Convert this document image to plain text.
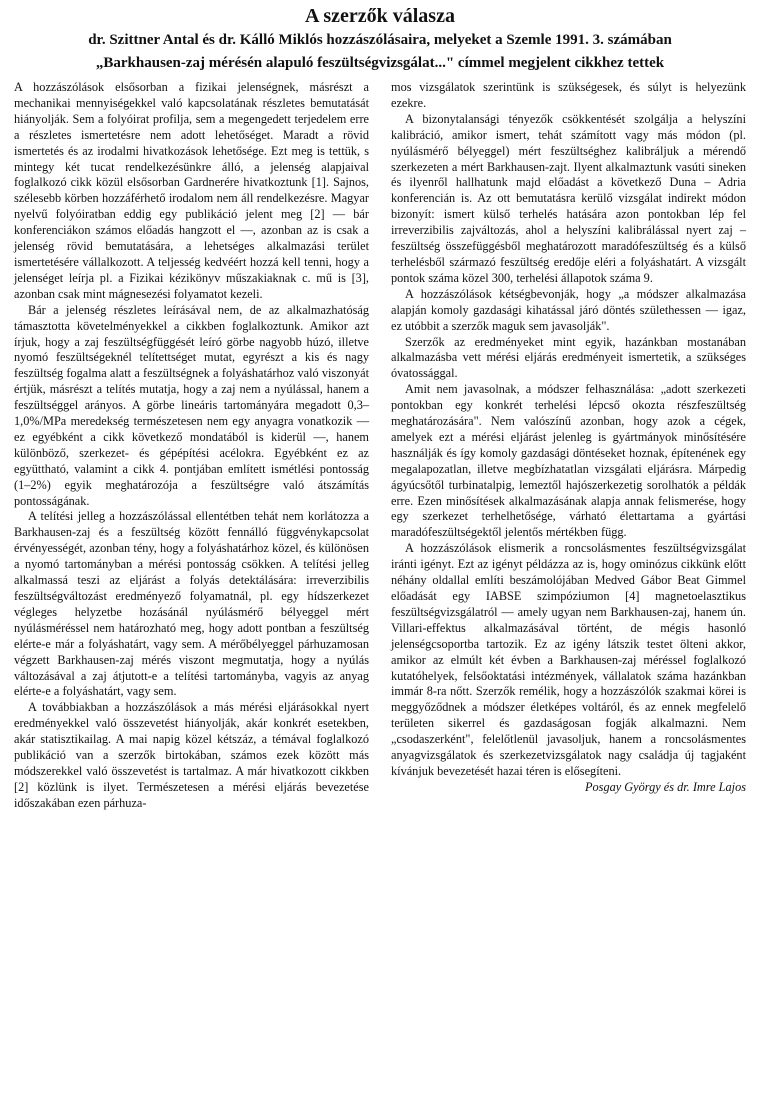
A szerzők válasza
dr. Szittner Antal és dr. Kálló Miklós hozzászólásaira, melyeket a Szemle 1991. 3. számában
„Barkhausen-zaj mérésén alapuló feszültségvizsgálat..." címmel megjelent cikkhez tettek

A hozzászólások elsősorban a fizikai jelenségnek, másrészt a mechanikai mennyiségekkel való kapcsolatának részletes bemutatását hiányolják. Sem a folyóirat profilja, sem a megengedett terjedelem erre a részletes ismertetésre nem adott lehetőséget. Maradt a rövid ismertetés és az irodalmi hivatkozások lehetősége. Ezt meg is tettük, s mintegy két tucat rendelkezésünkre álló, a jelenség alapjaival foglalkozó cikk közül elsősorban Gardnerére hivatkoztunk [1]. Sajnos, szélesebb körben hozzáférhető irodalom nem áll rendelkezésre. Magyar nyelvű folyóiratban eddig egy publikáció jelent meg [2] — bár konferenciákon számos előadás hangzott el —, azonban az is csak a jelenség rövid bemutatására, a lehetséges alkalmazási terület ismertetésére vállalkozott. A teljesség kedvéért hozzá kell tenni, hogy a jelenséget leírja pl. a Fizikai kézikönyv műszakiaknak c. mű is [3], azonban csak mint mágnesezési folyamatot kezeli.

Bár a jelenség részletes leírásával nem, de az alkalmazhatóság támasztotta követelményekkel a cikkben foglalkoztunk. Amikor azt írjuk, hogy a zaj feszültségfüggését leíró görbe nagyobb húzó, illetve nyomó feszültségeknél telítettséget mutat, egyrészt a kis és nagy feszültség fogalma alatt a feszültségnek a folyáshatárhoz való viszonyát értjük, másrészt a telítés mutatja, hogy a zaj nem a nyúlással, hanem a feszültséggel arányos. A görbe lineáris tartományára megadott 0,3–1,0%/MPa meredekség természetesen nem egy anyagra vonatkozik — ez egyébként a cikk következő mondatából is kiderül —, hanem különböző, szerkezet- és gépépítési acélokra. Egyébként ez az együttható, valamint a cikk 4. pontjában említett ismétlési pontosság (1–2%) egyik meghatározója a feszültségre való átszámítás pontosságának.

A telítési jelleg a hozzászólással ellentétben tehát nem korlátozza a Barkhausen-zaj és a feszültség között fennálló függvénykapcsolat érvényességét, azonban tény, hogy a folyáshatárhoz közel, és különösen a nyomó tartományban a mérési pontosság csökken. A telítési jelleg alkalmassá teszi az eljárást a folyás detektálására: irreverzibilis feszültségváltozást eredményező folyamatnál, pl. egy hídszerkezet végleges helyzetbe hozásánál nyúlásmérő bélyeggel mért nyúlásméréssel nem határozható meg, hogy adott pontban a feszültség elérte-e már a folyáshatárt, vagy sem. A mérőbélyeggel párhuzamosan végzett Barkhausen-zaj mérés viszont megmutatja, hogy a nyúlás változásával a zaj átjutott-e a telítési tartományba, vagyis az anyag elérte-e a folyáshatárt, vagy sem.

A továbbiakban a hozzászólások a más mérési eljárásokkal nyert eredményekkel való összevetést hiányolják, akár konkrét esetekben, akár statisztikailag. A mai napig közel kétszáz, a témával foglalkozó publikáció van a szerzők birtokában, számos ezek között más módszerekkel való összevetést is tartalmaz. A már hivatkozott cikkben [2] közlünk is ilyet. Természetesen a mérési eljárás bevezetése időszakában ezen párhuza-

mos vizsgálatok szerintünk is szükségesek, és súlyt is helyezünk ezekre.

A bizonytalansági tényezők csökkentését szolgálja a helyszíni kalibráció, amikor ismert, tehát számított vagy más módon (pl. nyúlásmérő bélyeggel) mért feszültséghez kalibráljuk a mérendő szerkezeten a mért Barkhausen-zajt. Ilyent alkalmaztunk vasúti sineken és ilyenről hallhatunk majd előadást a következő Duna – Adria konferencián is. Az ott bemutatásra kerülő vizsgálat indirekt módon bizonyít: ismert külső terhelés hatására azon pontokban lép fel irreverzibilis zajváltozás, ahol a helyszíni kalibrálással nyert zaj – feszültség összefüggésből meghatározott maradófeszültség és a külső terhelésből származó feszültség eredője eléri a folyáshatárt. A vizsgált pontok száma közel 300, terhelési állapotok száma 9.

A hozzászólások kétségbevonják, hogy „a módszer alkalmazása alapján komoly gazdasági kihatással járó döntés születhessen — igaz, ez utóbbit a szerzők maguk sem javasolják".

Szerzők az eredményeket mint egyik, hazánkban mostanában alkalmazásba vett mérési eljárás eredményeit ismertetik, a szükséges óvatossággal.

Amit nem javasolnak, a módszer felhasználása: „adott szerkezeti pontokban egy konkrét terhelési lépcső okozta részfeszültség meghatározására". Nem valószínű azonban, hogy azok a cégek, amelyek ezt a mérési eljárást jelenleg is gyártmányok minősítésére használják és így komoly gazdasági döntéseket hoznak, építenének egy megalapozatlan, illetve megbízhatatlan vizsgálati eljárásra. Márpedig ágyúcsőtől turbinatalpig, lemeztől hajószerkezetig sorolhatók a példák erre. Ezen minősítések alkalmazásának alapja annak felismerése, hogy egy szerkezet terhelhetősége, várható élettartama a gyártási maradófeszültségektől jelentős mértékben függ.

A hozzászólások elismerik a roncsolásmentes feszültségvizsgálat iránti igényt. Ezt az igényt példázza az is, hogy ominózus cikkünk előtt néhány oldallal említi beszámolójában Medved Gábor Beat Gimmel előadását egy IABSE szimpóziumon [4] magnetoelasztikus feszültségvizsgálatról — amely ugyan nem Barkhausen-zaj, hanem ún. Villari-effektus alkalmazásával történt, de mégis hasonló jelenségcsoportba tartozik. Ez az igény látszik testet ölteni akkor, amikor az elmúlt két évben a Barkhausen-zaj méréssel foglalkozó kutatóhelyek, felsőoktatási intézmények, vállalatok száma hazánkban immár 8-ra nőtt. Szerzők remélik, hogy a hozzászólók szakmai körei is meggyőződnek a módszer életképes voltáról, és az ennek megfelelő területen sikerrel és gazdaságosan fogják alkalmazni. Nem „csodaszerként", felelőtlenül javasoljuk, hanem a roncsolásmentes anyagvizsgálatok és szerkezetvizsgálatok nagy családja új tagjaként kívánjuk bevezetését hazai téren is elősegíteni.

Posgay György és dr. Imre Lajos
